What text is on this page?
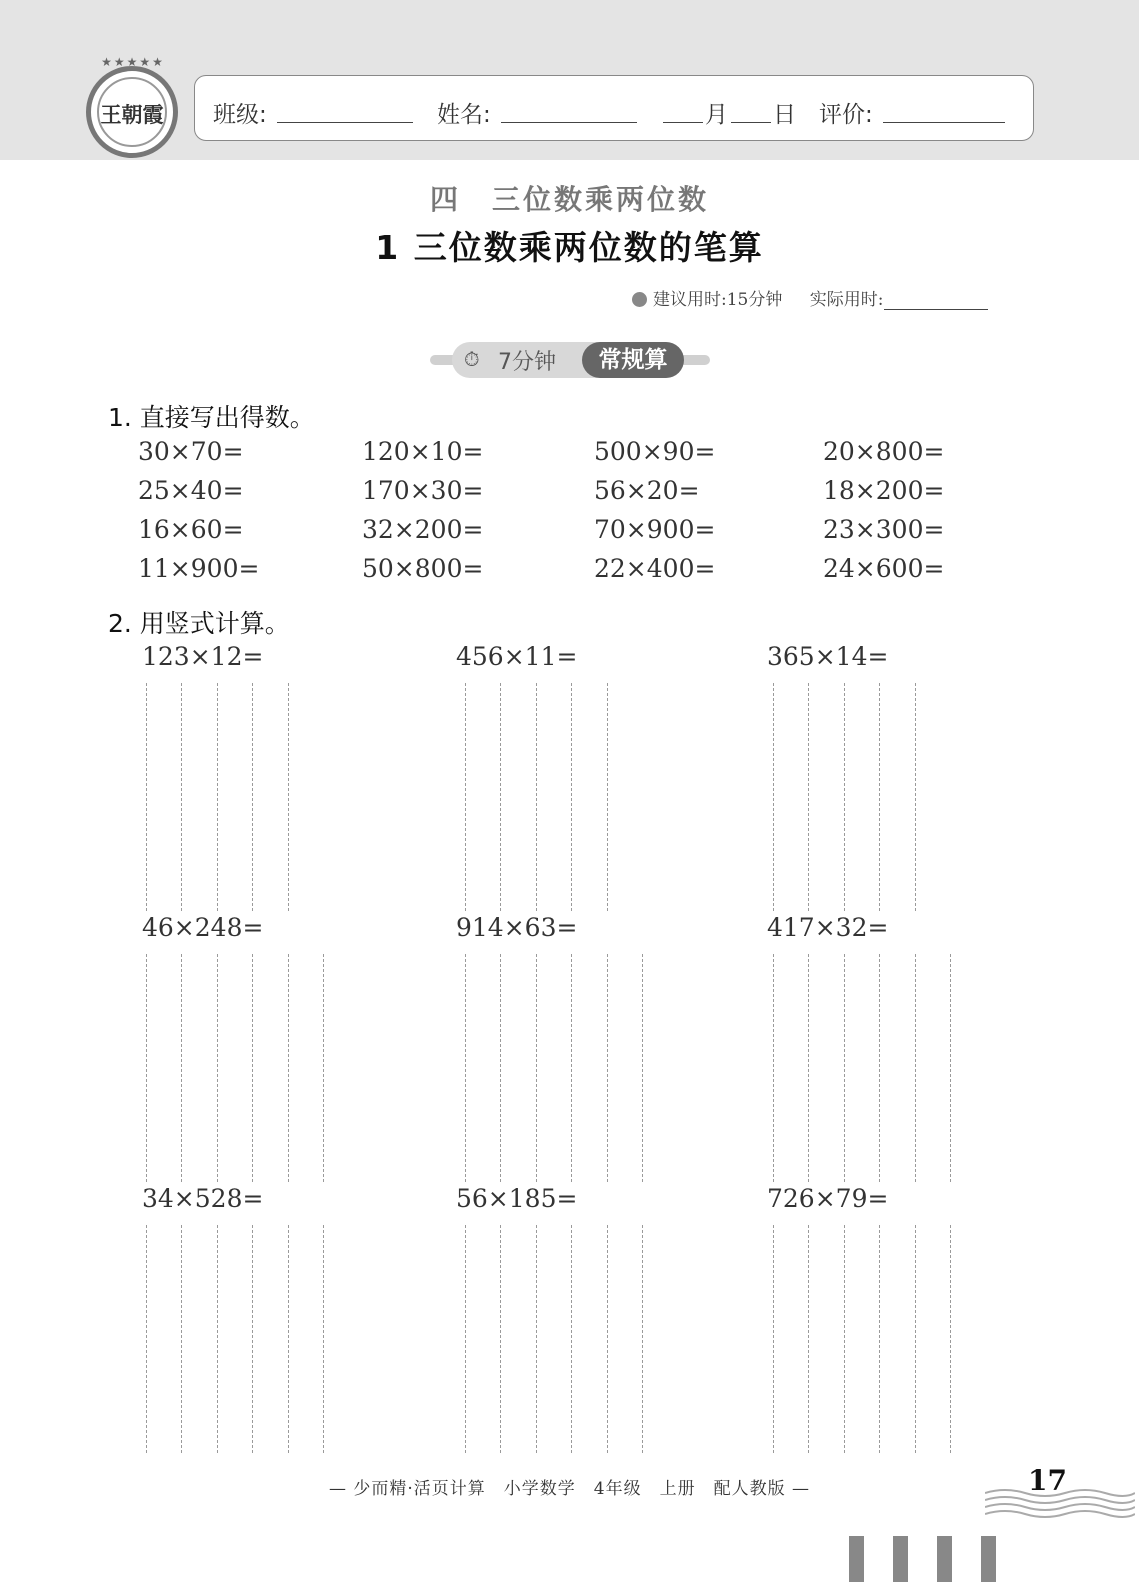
★★★★★
王朝霞	班级:	姓名:	月 日 评价:
四　三位数乘两位数
1 三位数乘两位数的笔算
建议用时:15分钟 实际用时:
⏱ 7分钟	常规算
1. 直接写出得数。
30×70=	120×10=	500×90=	20×800=
25×40=	170×30=	56×20=	18×200=
16×60=	32×200=	70×900=	23×300=
11×900=	50×800=	22×400=	24×600=
2. 用竖式计算。
123×12=	456×11=	365×14=
46×248=	914×63=	417×32=
34×528=	56×185=	726×79=
— 少而精·活页计算　小学数学　4年级　上册　配人教版 —	17
